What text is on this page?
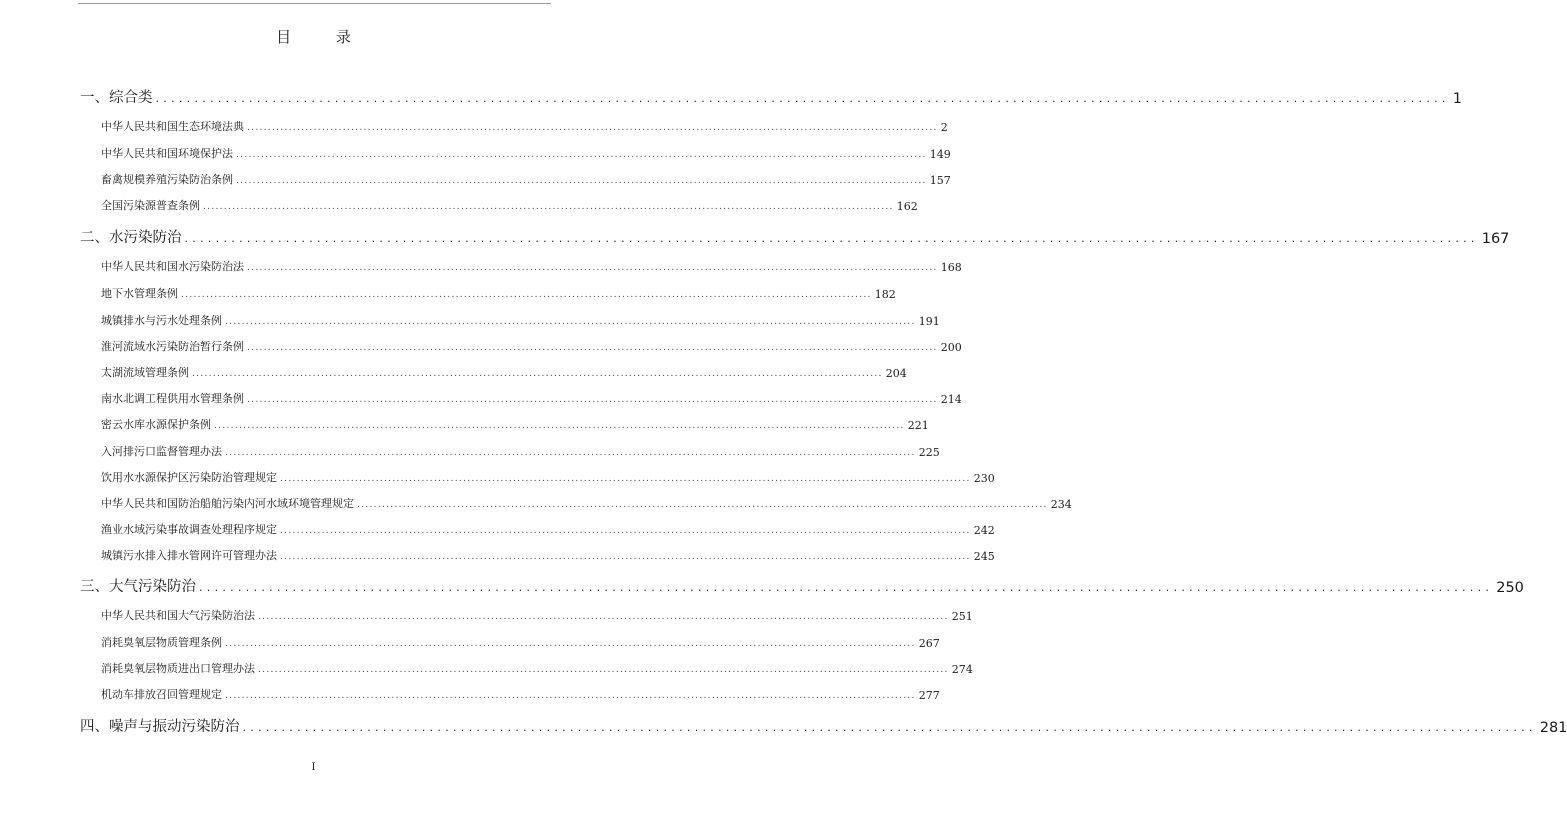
目 录
一、综合类 ...................................................................................................................................................................... 1
中华人民共和国生态环境法典 ...................................................................................................................................................................... 2
中华人民共和国环境保护法 ...................................................................................................................................................................... 149
畜禽规模养殖污染防治条例 ...................................................................................................................................................................... 157
全国污染源普查条例 ...................................................................................................................................................................... 162
二、水污染防治 ...................................................................................................................................................................... 167
中华人民共和国水污染防治法 ...................................................................................................................................................................... 168
地下水管理条例 ...................................................................................................................................................................... 182
城镇排水与污水处理条例 ...................................................................................................................................................................... 191
淮河流域水污染防治暂行条例 ...................................................................................................................................................................... 200
太湖流域管理条例 ...................................................................................................................................................................... 204
南水北调工程供用水管理条例 ...................................................................................................................................................................... 214
密云水库水源保护条例 ...................................................................................................................................................................... 221
入河排污口监督管理办法 ...................................................................................................................................................................... 225
饮用水水源保护区污染防治管理规定 ...................................................................................................................................................................... 230
中华人民共和国防治船舶污染内河水域环境管理规定 ...................................................................................................................................................................... 234
渔业水域污染事故调查处理程序规定 ...................................................................................................................................................................... 242
城镇污水排入排水管网许可管理办法 ...................................................................................................................................................................... 245
三、大气污染防治 ...................................................................................................................................................................... 250
中华人民共和国大气污染防治法 ...................................................................................................................................................................... 251
消耗臭氧层物质管理条例 ...................................................................................................................................................................... 267
消耗臭氧层物质进出口管理办法 ...................................................................................................................................................................... 274
机动车排放召回管理规定 ...................................................................................................................................................................... 277
四、噪声与振动污染防治 ...................................................................................................................................................................... 281
I
